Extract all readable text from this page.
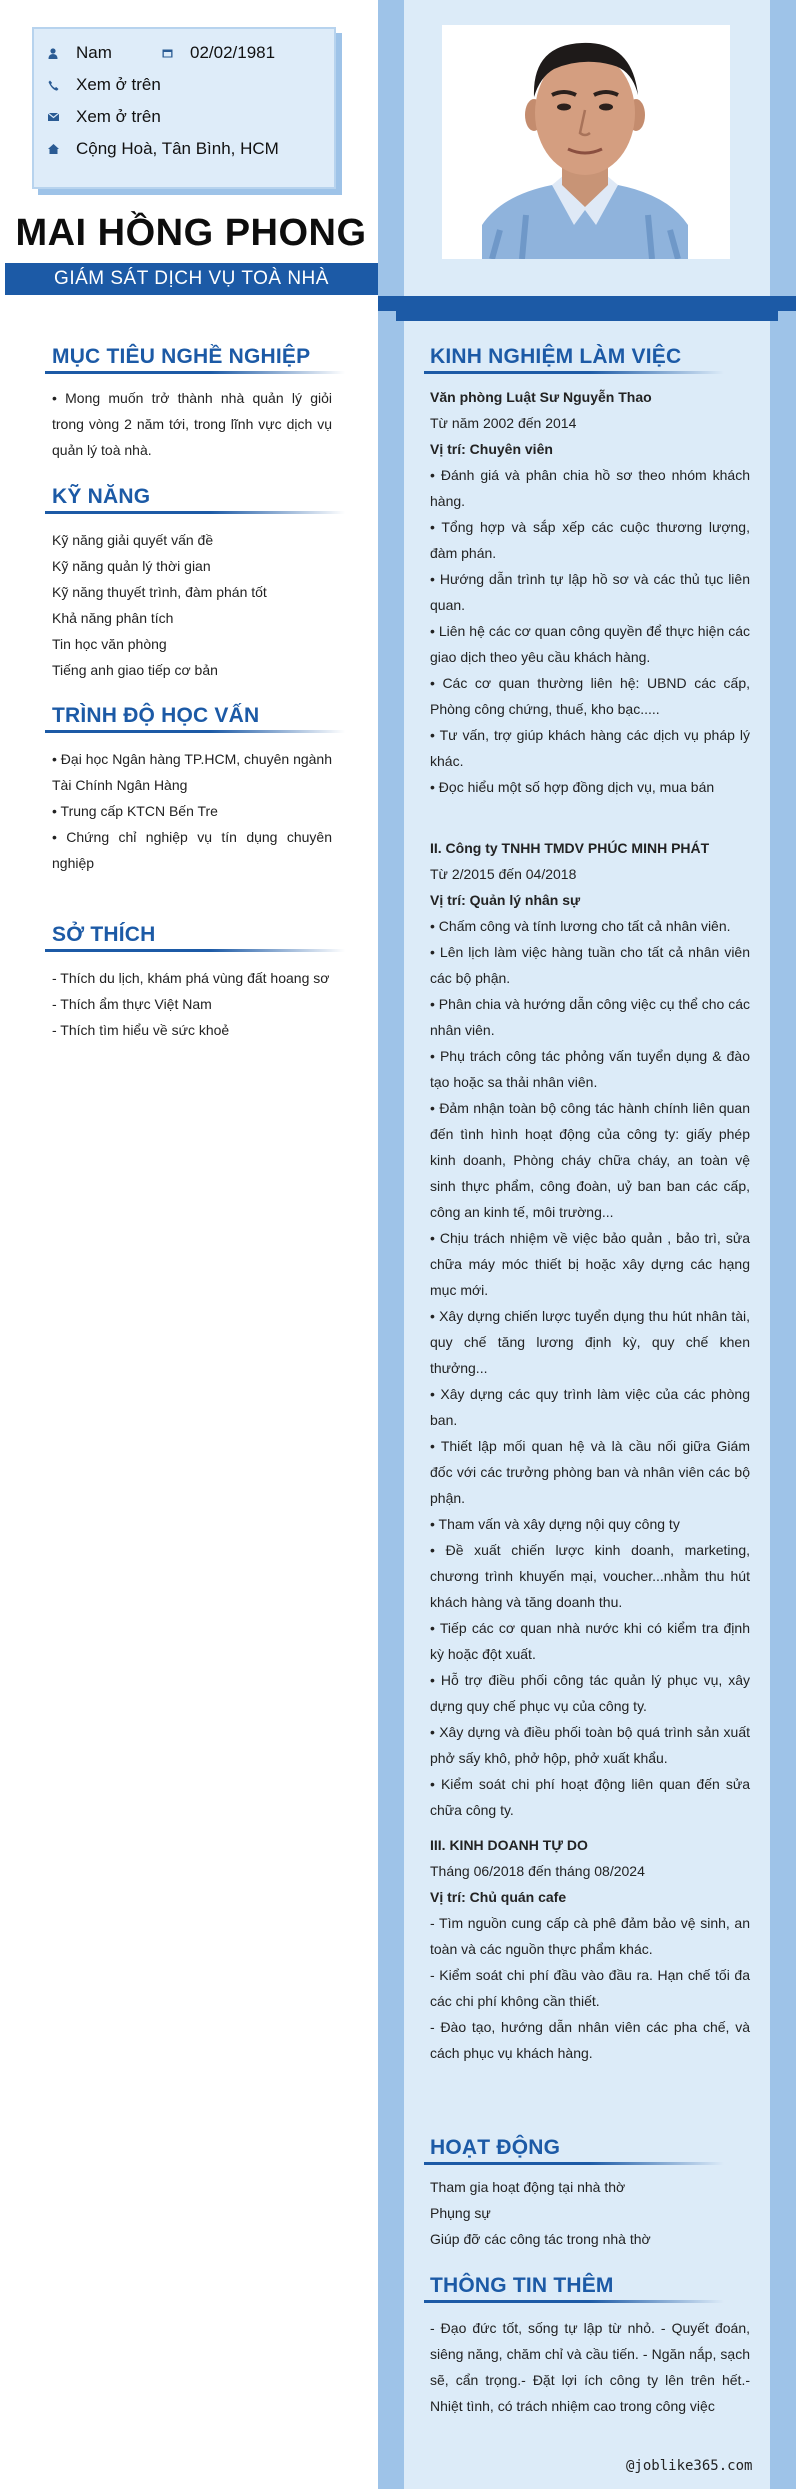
Nam	02/02/1981
Xem ở trên
Xem ở trên
Cộng Hoà, Tân Bình, HCM
MAI HỒNG PHONG
GIÁM SÁT DỊCH VỤ TOÀ NHÀ
MỤC TIÊU NGHỀ NGHIỆP
• Mong muốn trở thành nhà quản lý giỏi trong vòng 2 năm tới, trong lĩnh vực dịch vụ quản lý toà nhà.
KỸ NĂNG
Kỹ năng giải quyết vấn đề
Kỹ năng quản lý thời gian
Kỹ năng thuyết trình, đàm phán tốt
Khả năng phân tích
Tin học văn phòng
Tiếng anh giao tiếp cơ bản
TRÌNH ĐỘ HỌC VẤN
• Đại học Ngân hàng TP.HCM, chuyên ngành Tài Chính Ngân Hàng
• Trung cấp KTCN Bến Tre
• Chứng chỉ nghiệp vụ tín dụng chuyên nghiệp
SỞ THÍCH
- Thích du lịch, khám phá vùng đất hoang sơ
- Thích ẩm thực Việt Nam
- Thích tìm hiểu về sức khoẻ
KINH NGHIỆM LÀM VIỆC
Văn phòng Luật Sư Nguyễn Thao
Từ năm 2002 đến 2014
Vị trí: Chuyên viên
• Đánh giá và phân chia hồ sơ theo nhóm khách hàng.
• Tổng hợp và sắp xếp các cuộc thương lượng, đàm phán.
• Hướng dẫn trình tự lập hồ sơ và các thủ tục liên quan.
• Liên hệ các cơ quan công quyền để thực hiện các giao dịch theo yêu cầu khách hàng.
• Các cơ quan thường liên hệ: UBND các cấp, Phòng công chứng, thuế, kho bạc.....
• Tư vấn, trợ giúp khách hàng các dịch vụ pháp lý khác.
• Đọc hiểu một số hợp đồng dịch vụ, mua bán
II. Công ty TNHH TMDV PHÚC MINH PHÁT
Từ 2/2015 đến 04/2018
Vị trí: Quản lý nhân sự
• Chấm công và tính lương cho tất cả nhân viên.
• Lên lịch làm việc hàng tuần cho tất cả nhân viên các bộ phận.
• Phân chia và hướng dẫn công việc cụ thể cho các nhân viên.
• Phụ trách công tác phỏng vấn tuyển dụng & đào tạo hoặc sa thải nhân viên.
• Đảm nhận toàn bộ công tác hành chính liên quan đến tình hình hoạt động của công ty: giấy phép kinh doanh, Phòng cháy chữa cháy, an toàn vệ sinh thực phẩm, công đoàn, uỷ ban ban các cấp, công an kinh tế, môi trường...
• Chịu trách nhiệm về việc bảo quản , bảo trì, sửa chữa máy móc thiết bị hoặc xây dựng các hạng mục mới.
• Xây dựng chiến lược tuyển dụng thu hút nhân tài, quy chế tăng lương định kỳ, quy chế khen thưởng...
• Xây dựng các quy trình làm việc của các phòng ban.
• Thiết lập mối quan hệ và là cầu nối giữa Giám đốc với các trưởng phòng ban và nhân viên các bộ phận.
• Tham vấn và xây dựng nội quy công ty
• Đề xuất chiến lược kinh doanh, marketing, chương trình khuyến mại, voucher...nhằm thu hút khách hàng và tăng doanh thu.
• Tiếp các cơ quan nhà nước khi có kiểm tra định kỳ hoặc đột xuất.
• Hỗ trợ điều phối công tác quản lý phục vụ, xây dựng quy chế phục vụ của công ty.
• Xây dựng và điều phối toàn bộ quá trình sản xuất phở sấy khô, phở hộp, phở xuất khẩu.
• Kiểm soát chi phí hoạt động liên quan đến sửa chữa công ty.
III. KINH DOANH TỰ DO
Tháng 06/2018 đến tháng 08/2024
Vị trí: Chủ quán cafe
- Tìm nguồn cung cấp cà phê đảm bảo vệ sinh, an toàn và các nguồn thực phẩm khác.
- Kiểm soát chi phí đầu vào đầu ra. Hạn chế tối đa các chi phí không cần thiết.
- Đào tạo, hướng dẫn nhân viên các pha chế, và cách phục vụ khách hàng.
HOẠT ĐỘNG
Tham gia hoạt động tại nhà thờ
Phụng sự
Giúp đỡ các công tác trong nhà thờ
THÔNG TIN THÊM
- Đạo đức tốt, sống tự lập từ nhỏ. - Quyết đoán, siêng năng, chăm chỉ và cầu tiến. - Ngăn nắp, sạch sẽ, cẩn trọng.- Đặt lợi ích công ty lên trên hết.- Nhiệt tình, có trách nhiệm cao trong công việc
@joblike365.com
